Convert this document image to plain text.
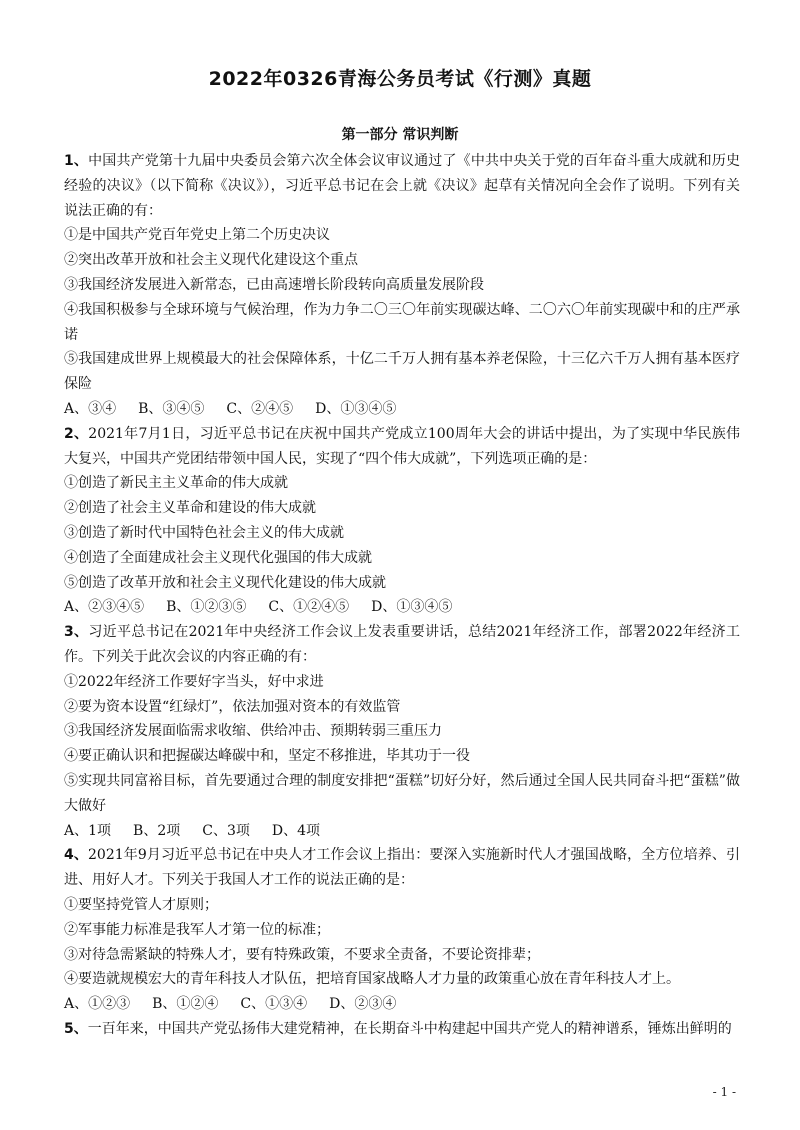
2022年0326青海公务员考试《行测》真题
第一部分 常识判断

1、中国共产党第十九届中央委员会第六次全体会议审议通过了《中共中央关于党的百年奋斗重大成就和历史经验的决议》（以下简称《决议》），习近平总书记在会上就《决议》起草有关情况向全会作了说明。下列有关说法正确的有：

①是中国共产党百年党史上第二个历史决议

②突出改革开放和社会主义现代化建设这个重点

③我国经济发展进入新常态，已由高速增长阶段转向高质量发展阶段

④我国积极参与全球环境与气候治理，作为力争二〇三〇年前实现碳达峰、二〇六〇年前实现碳中和的庄严承诺

⑤我国建成世界上规模最大的社会保障体系，十亿二千万人拥有基本养老保险，十三亿六千万人拥有基本医疗保险

A、③④ B、③④⑤ C、②④⑤ D、①③④⑤

2、2021年7月1日，习近平总书记在庆祝中国共产党成立100周年大会的讲话中提出，为了实现中华民族伟大复兴，中国共产党团结带领中国人民，实现了“四个伟大成就”，下列选项正确的是：

①创造了新民主主义革命的伟大成就

②创造了社会主义革命和建设的伟大成就

③创造了新时代中国特色社会主义的伟大成就

④创造了全面建成社会主义现代化强国的伟大成就

⑤创造了改革开放和社会主义现代化建设的伟大成就

A、②③④⑤ B、①②③⑤ C、①②④⑤ D、①③④⑤

3、习近平总书记在2021年中央经济工作会议上发表重要讲话，总结2021年经济工作，部署2022年经济工作。下列关于此次会议的内容正确的有：

①2022年经济工作要好字当头，好中求进

②要为资本设置“红绿灯”，依法加强对资本的有效监管

③我国经济发展面临需求收缩、供给冲击、预期转弱三重压力

④要正确认识和把握碳达峰碳中和，坚定不移推进，毕其功于一役

⑤实现共同富裕目标，首先要通过合理的制度安排把“蛋糕”切好分好，然后通过全国人民共同奋斗把“蛋糕”做大做好

A、1项 B、2项 C、3项 D、4项

4、2021年9月习近平总书记在中央人才工作会议上指出：要深入实施新时代人才强国战略，全方位培养、引进、用好人才。下列关于我国人才工作的说法正确的是：

①要坚持党管人才原则；

②军事能力标准是我军人才第一位的标准；

③对待急需紧缺的特殊人才，要有特殊政策，不要求全责备，不要论资排辈；

④要造就规模宏大的青年科技人才队伍，把培育国家战略人才力量的政策重心放在青年科技人才上。

A、①②③ B、①②④ C、①③④ D、②③④

5、一百年来，中国共产党弘扬伟大建党精神，在长期奋斗中构建起中国共产党人的精神谱系，锤炼出鲜明的

- 1 -
